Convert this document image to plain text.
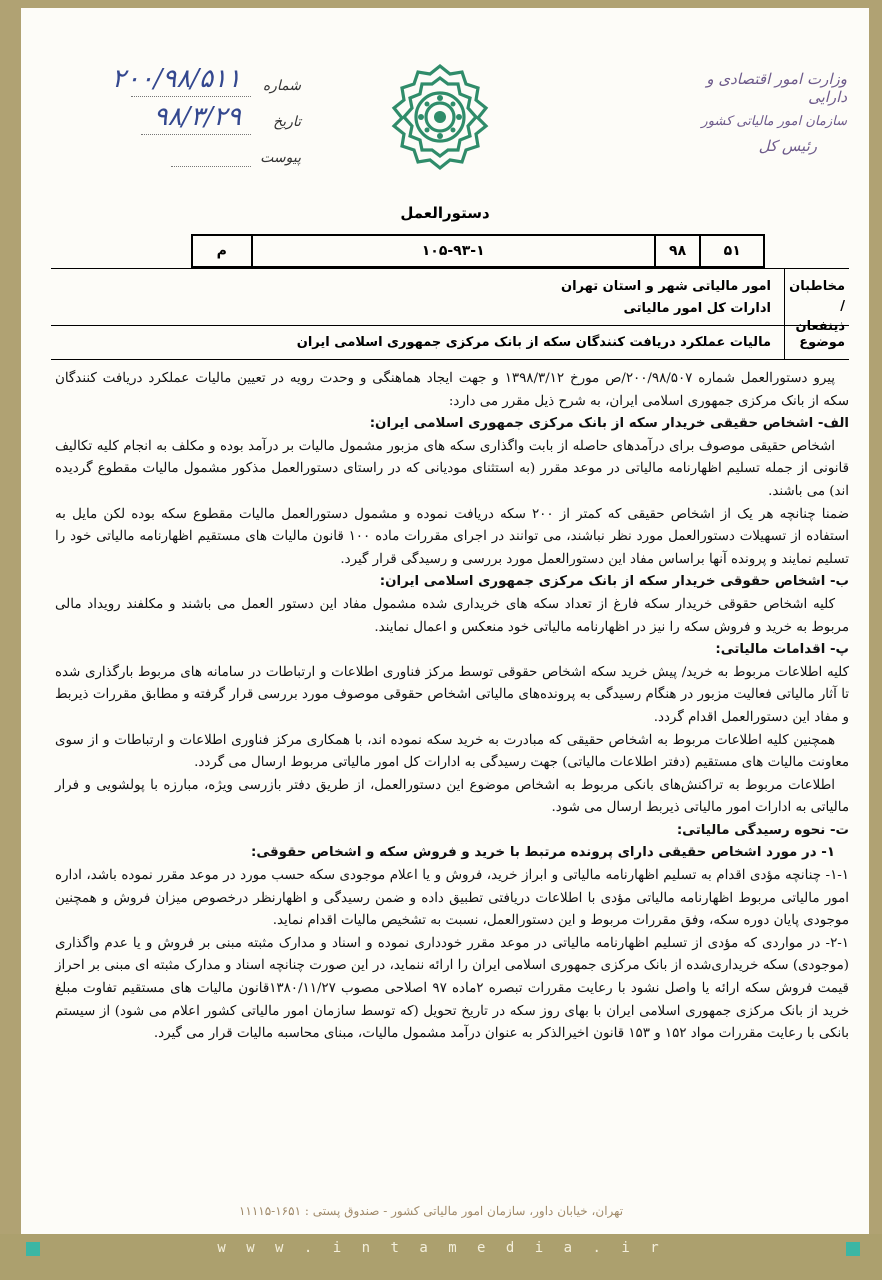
وزارت امور اقتصادی و دارایی
سازمان امور مالیاتی کشور
رئیس کل
شماره
۲۰۰/۹۸/۵۱۱
تاریخ
۹۸/۳/۲۹
پیوست
دستورالعمل
م	۱۰۵-۹۳-۱	۹۸	۵۱
مخاطبان / ذینفعان
امور مالیاتی شهر و استان تهران
ادارات کل امور مالیاتی
موضوع
مالیات عملکرد دریافت کنندگان سکه از بانک مرکزی جمهوری اسلامی ایران

پیرو دستورالعمل شماره ۲۰۰/۹۸/۵۰۷/ص مورخ ۱۳۹۸/۳/۱۲ و جهت ایجاد هماهنگی و وحدت رویه در تعیین مالیات عملکرد دریافت کنندگان سکه از بانک مرکزی جمهوری اسلامی ایران، به شرح ذیل مقرر می دارد:

الف- اشخاص حقیقی خریدار سکه از بانک مرکزی جمهوری اسلامی ایران:

اشخاص حقیقی موصوف برای درآمدهای حاصله از بابت واگذاری سکه های مزبور مشمول مالیات بر درآمد بوده و مکلف به انجام کلیه تکالیف قانونی از جمله تسلیم اظهارنامه مالیاتی در موعد مقرر (به استثنای مودیانی که در راستای دستورالعمل مذکور مشمول مالیات مقطوع گردیده اند) می باشند.

ضمنا چنانچه هر یک از اشخاص حقیقی که کمتر از ۲۰۰ سکه دریافت نموده و مشمول دستورالعمل مالیات مقطوع سکه بوده لکن مایل به استفاده از تسهیلات دستورالعمل مورد نظر نباشند، می توانند در اجرای مقررات ماده ۱۰۰ قانون مالیات های مستقیم اظهارنامه مالیاتی خود را تسلیم نمایند و پرونده آنها براساس مفاد این دستورالعمل مورد بررسی و رسیدگی قرار گیرد.

ب- اشخاص حقوقی خریدار سکه از بانک مرکزی جمهوری اسلامی ایران:

کلیه اشخاص حقوقی خریدار سکه فارغ از تعداد سکه های خریداری شده مشمول مفاد این دستور العمل می باشند و مکلفند رویداد مالی مربوط به خرید و فروش سکه را نیز در اظهارنامه مالیاتی خود منعکس و اعمال نمایند.

پ- اقدامات مالیاتی:

کلیه اطلاعات مربوط به خرید/ پیش خرید سکه اشخاص حقوقی توسط مرکز فناوری اطلاعات و ارتباطات در سامانه های مربوط بارگذاری شده تا آثار مالیاتی فعالیت مزبور در هنگام رسیدگی به پرونده‌های مالیاتی اشخاص حقوقی موصوف مورد بررسی قرار گرفته و مطابق مقررات ذیربط و مفاد این دستورالعمل اقدام گردد.

همچنین کلیه اطلاعات مربوط به اشخاص حقیقی که مبادرت به خرید سکه نموده اند، با همکاری مرکز فناوری اطلاعات و ارتباطات و از سوی معاونت مالیات های مستقیم (دفتر اطلاعات مالیاتی) جهت رسیدگی به ادارات کل امور مالیاتی مربوط ارسال می گردد.

اطلاعات مربوط به تراکنش‌های بانکی مربوط به اشخاص موضوع این دستورالعمل، از طریق دفتر بازرسی ویژه، مبارزه با پولشویی و فرار مالیاتی به ادارات امور مالیاتی ذیربط ارسال می شود.

ت- نحوه رسیدگی مالیاتی:

۱- در مورد اشخاص حقیقی دارای پرونده مرتبط با خرید و فروش سکه و اشخاص حقوقی:

۱-۱- چنانچه مؤدی اقدام به تسلیم اظهارنامه مالیاتی و ابراز خرید، فروش و یا اعلام موجودی سکه حسب مورد در موعد مقرر نموده باشد، اداره امور مالیاتی مربوط اظهارنامه مالیاتی مؤدی با اطلاعات دریافتی تطبیق داده و ضمن رسیدگی و اظهارنظر درخصوص میزان فروش و همچنین موجودی پایان دوره سکه، وفق مقررات مربوط و این دستورالعمل، نسبت به تشخیص مالیات اقدام نماید.

۲-۱- در مواردی که مؤدی از تسلیم اظهارنامه مالیاتی در موعد مقرر خودداری نموده و اسناد و مدارک مثبته مبنی بر فروش و یا عدم واگذاری (موجودی) سکه خریداری‌شده از بانک مرکزی جمهوری اسلامی ایران را ارائه ننماید، در این صورت چنانچه اسناد و مدارک مثبته ای مبنی بر احراز قیمت فروش سکه ارائه یا واصل نشود با رعایت مقررات تبصره ۲ماده ۹۷ اصلاحی مصوب ۱۳۸۰/۱۱/۲۷قانون مالیات های مستقیم تفاوت مبلغ خرید از بانک مرکزی جمهوری اسلامی ایران با بهای روز سکه در تاریخ تحویل (که توسط سازمان امور مالیاتی کشور اعلام می شود) از سیستم بانکی با رعایت مقررات مواد ۱۵۲ و ۱۵۳ قانون اخیرالذکر به عنوان درآمد مشمول مالیات، مبنای محاسبه مالیات قرار می گیرد.

تهران، خیابان داور، سازمان امور مالیاتی کشور - صندوق پستی : ۱۶۵۱-۱۱۱۱۵
w w w . i n t a m e d i a . i r
